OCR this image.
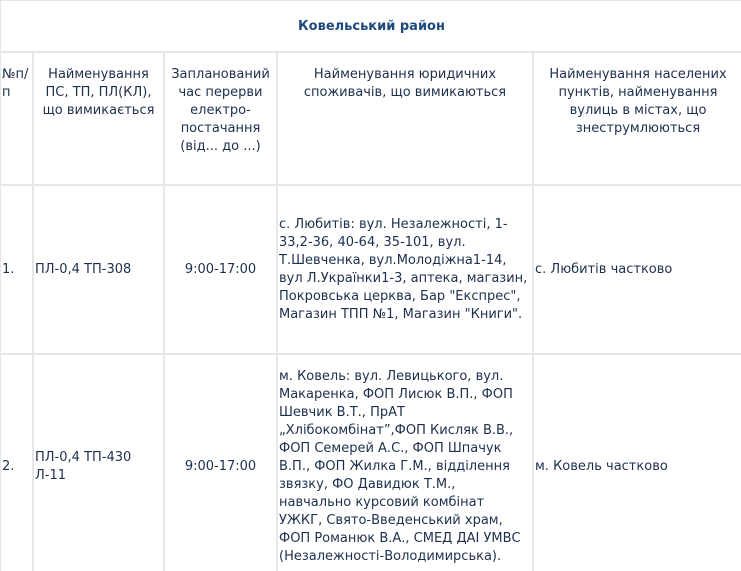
Ковельський район				
№п/п	Найменування ПС, ТП, ПЛ(КЛ), що вимикається	Запланований час перерви електро-постачання (від... до ...)	Найменування юридичних споживачів, що вимикаються	Найменування населених пунктів, найменування вулиць в містах, що знеструмлюються
1.	ПЛ-0,4 ТП-308	9:00-17:00	с. Любитів: вул. Незалежності, 1-33,2-36, 40-64, 35-101, вул. Т.Шевченка, вул.Молодіжна1-14, вул Л.Українки1-3, аптека, магазин, Покровська церква, Бар "Експрес", Магазин ТПП №1, Магазин "Книги".	с. Любитів частково
2.	ПЛ-0,4 ТП-430 Л-11	9:00-17:00	м. Ковель: вул. Левицького, вул. Макаренка, ФОП Лисюк В.П., ФОП Шевчик В.Т., ПрАТ „Хлібокомбінат”,ФОП Кисляк В.В., ФОП Семерей А.С., ФОП Шпачук В.П., ФОП Жилка Г.М., відділення звязку, ФО Давидюк Т.М., навчально курсовий комбінат УЖКГ, Свято-Введенський храм, ФОП Романюк В.А., СМЕД ДАІ УМВС (Незалежності-Володимирська).	м. Ковель частково
